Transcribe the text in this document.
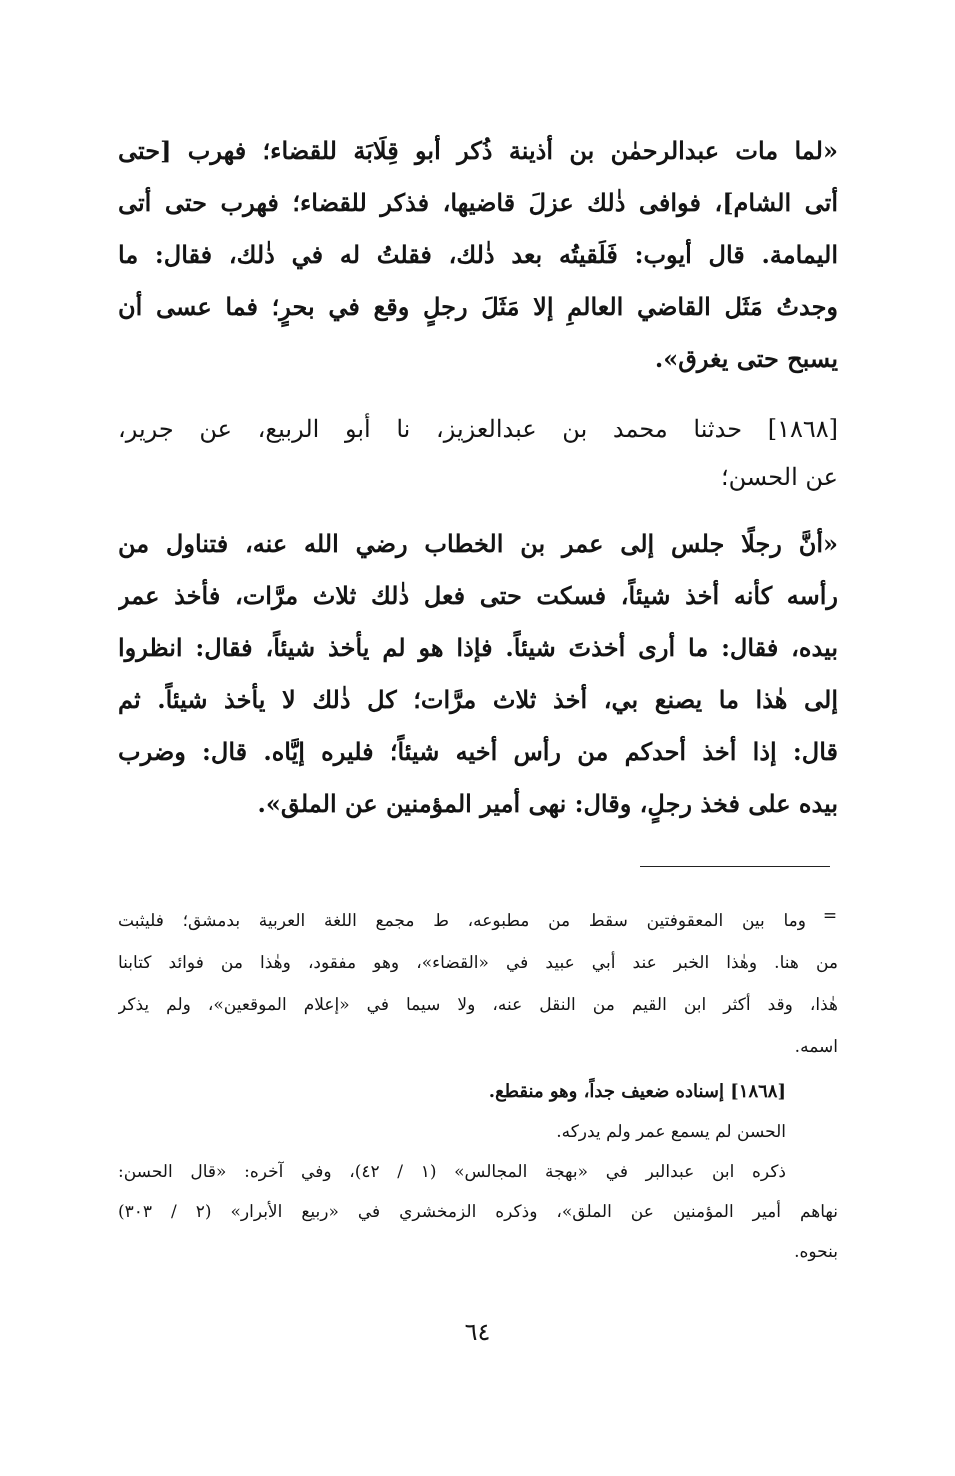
«لما مات عبدالرحمٰن بن أذينة ذُكر أبو قِلَابَة للقضاء؛ فهرب [حتى
أتى الشام]، فوافى ذٰلك عزلَ قاضيها، فذكر للقضاء؛ فهرب حتى أتى
اليمامة. قال أيوب: فَلَقيتُه بعد ذٰلك، فقلتُ له في ذٰلك، فقال: ما
وجدتُ مَثَل القاضي العالمِ إلا مَثَلَ رجلٍ وقع في بحرٍ؛ فما عسى أن
يسبح حتى يغرق».
[١٨٦٨] حدثنا محمد بن عبدالعزيز، نا أبو الربيع، عن جرير،
عن الحسن؛
«أنَّ رجلًا جلس إلى عمر بن الخطاب رضي الله عنه، فتناول من
رأسه كأنه أخذ شيئاً، فسكت حتى فعل ذٰلك ثلاث مرَّات، فأخذ عمر
بيده، فقال: ما أرى أخذتَ شيئاً. فإذا هو لم يأخذ شيئاً، فقال: انظروا
إلى هٰذا ما يصنع بي، أخذ ثلاث مرَّات؛ كل ذٰلك لا يأخذ شيئاً. ثم
قال: إذا أخذ أحدكم من رأس أخيه شيئاً؛ فليره إيَّاه. قال: وضرب
بيده على فخذ رجلٍ، وقال: نهى أمير المؤمنين عن الملق».
=
وما بين المعقوفتين سقط من مطبوعه، ط مجمع اللغة العربية بدمشق؛ فليثبت
من هنا. وهٰذا الخبر عند أبي عبيد في «القضاء»، وهو مفقود، وهٰذا من فوائد كتابنا
هٰذا، وقد أكثر ابن القيم من النقل عنه، ولا سيما في «إعلام الموقعين»، ولم يذكر
اسمه.
[١٨٦٨] إسناده ضعيف جداً، وهو منقطع.
الحسن لم يسمع عمر ولم يدركه.
ذكره ابن عبدالبر في «بهجة المجالس» (١ / ٤٢)، وفي آخره: «قال الحسن:
نهاهم أمير المؤمنين عن الملق»، وذكره الزمخشري في «ربيع الأبرار» (٢ / ٣٠٣)
بنحوه.
٦٤
